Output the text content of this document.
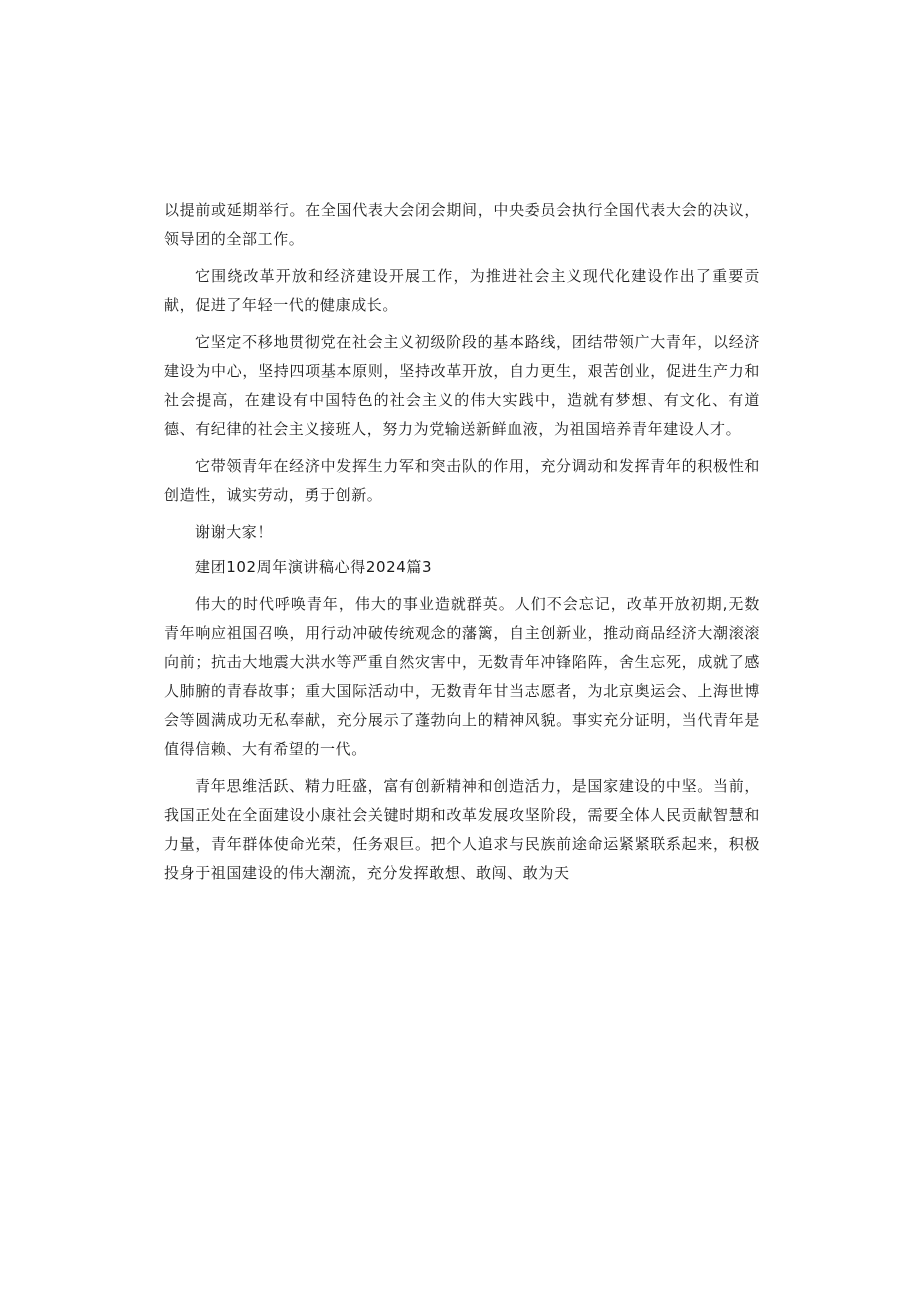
以提前或延期举行。在全国代表大会闭会期间，中央委员会执行全国代表大会的决议，领导团的全部工作。

它围绕改革开放和经济建设开展工作，为推进社会主义现代化建设作出了重要贡献，促进了年轻一代的健康成长。

它坚定不移地贯彻党在社会主义初级阶段的基本路线，团结带领广大青年，以经济建设为中心，坚持四项基本原则，坚持改革开放，自力更生，艰苦创业，促进生产力和社会提高，在建设有中国特色的社会主义的伟大实践中，造就有梦想、有文化、有道德、有纪律的社会主义接班人，努力为党输送新鲜血液，为祖国培养青年建设人才。

它带领青年在经济中发挥生力军和突击队的作用，充分调动和发挥青年的积极性和创造性，诚实劳动，勇于创新。

谢谢大家！

建团102周年演讲稿心得2024篇3

伟大的时代呼唤青年，伟大的事业造就群英。人们不会忘记，改革开放初期,无数青年响应祖国召唤，用行动冲破传统观念的藩篱，自主创新业，推动商品经济大潮滚滚向前；抗击大地震大洪水等严重自然灾害中，无数青年冲锋陷阵，舍生忘死，成就了感人肺腑的青春故事；重大国际活动中，无数青年甘当志愿者，为北京奥运会、上海世博会等圆满成功无私奉献，充分展示了蓬勃向上的精神风貌。事实充分证明，当代青年是值得信赖、大有希望的一代。

青年思维活跃、精力旺盛，富有创新精神和创造活力，是国家建设的中坚。当前，我国正处在全面建设小康社会关键时期和改革发展攻坚阶段，需要全体人民贡献智慧和力量，青年群体使命光荣，任务艰巨。把个人追求与民族前途命运紧紧联系起来，积极投身于祖国建设的伟大潮流，充分发挥敢想、敢闯、敢为天
